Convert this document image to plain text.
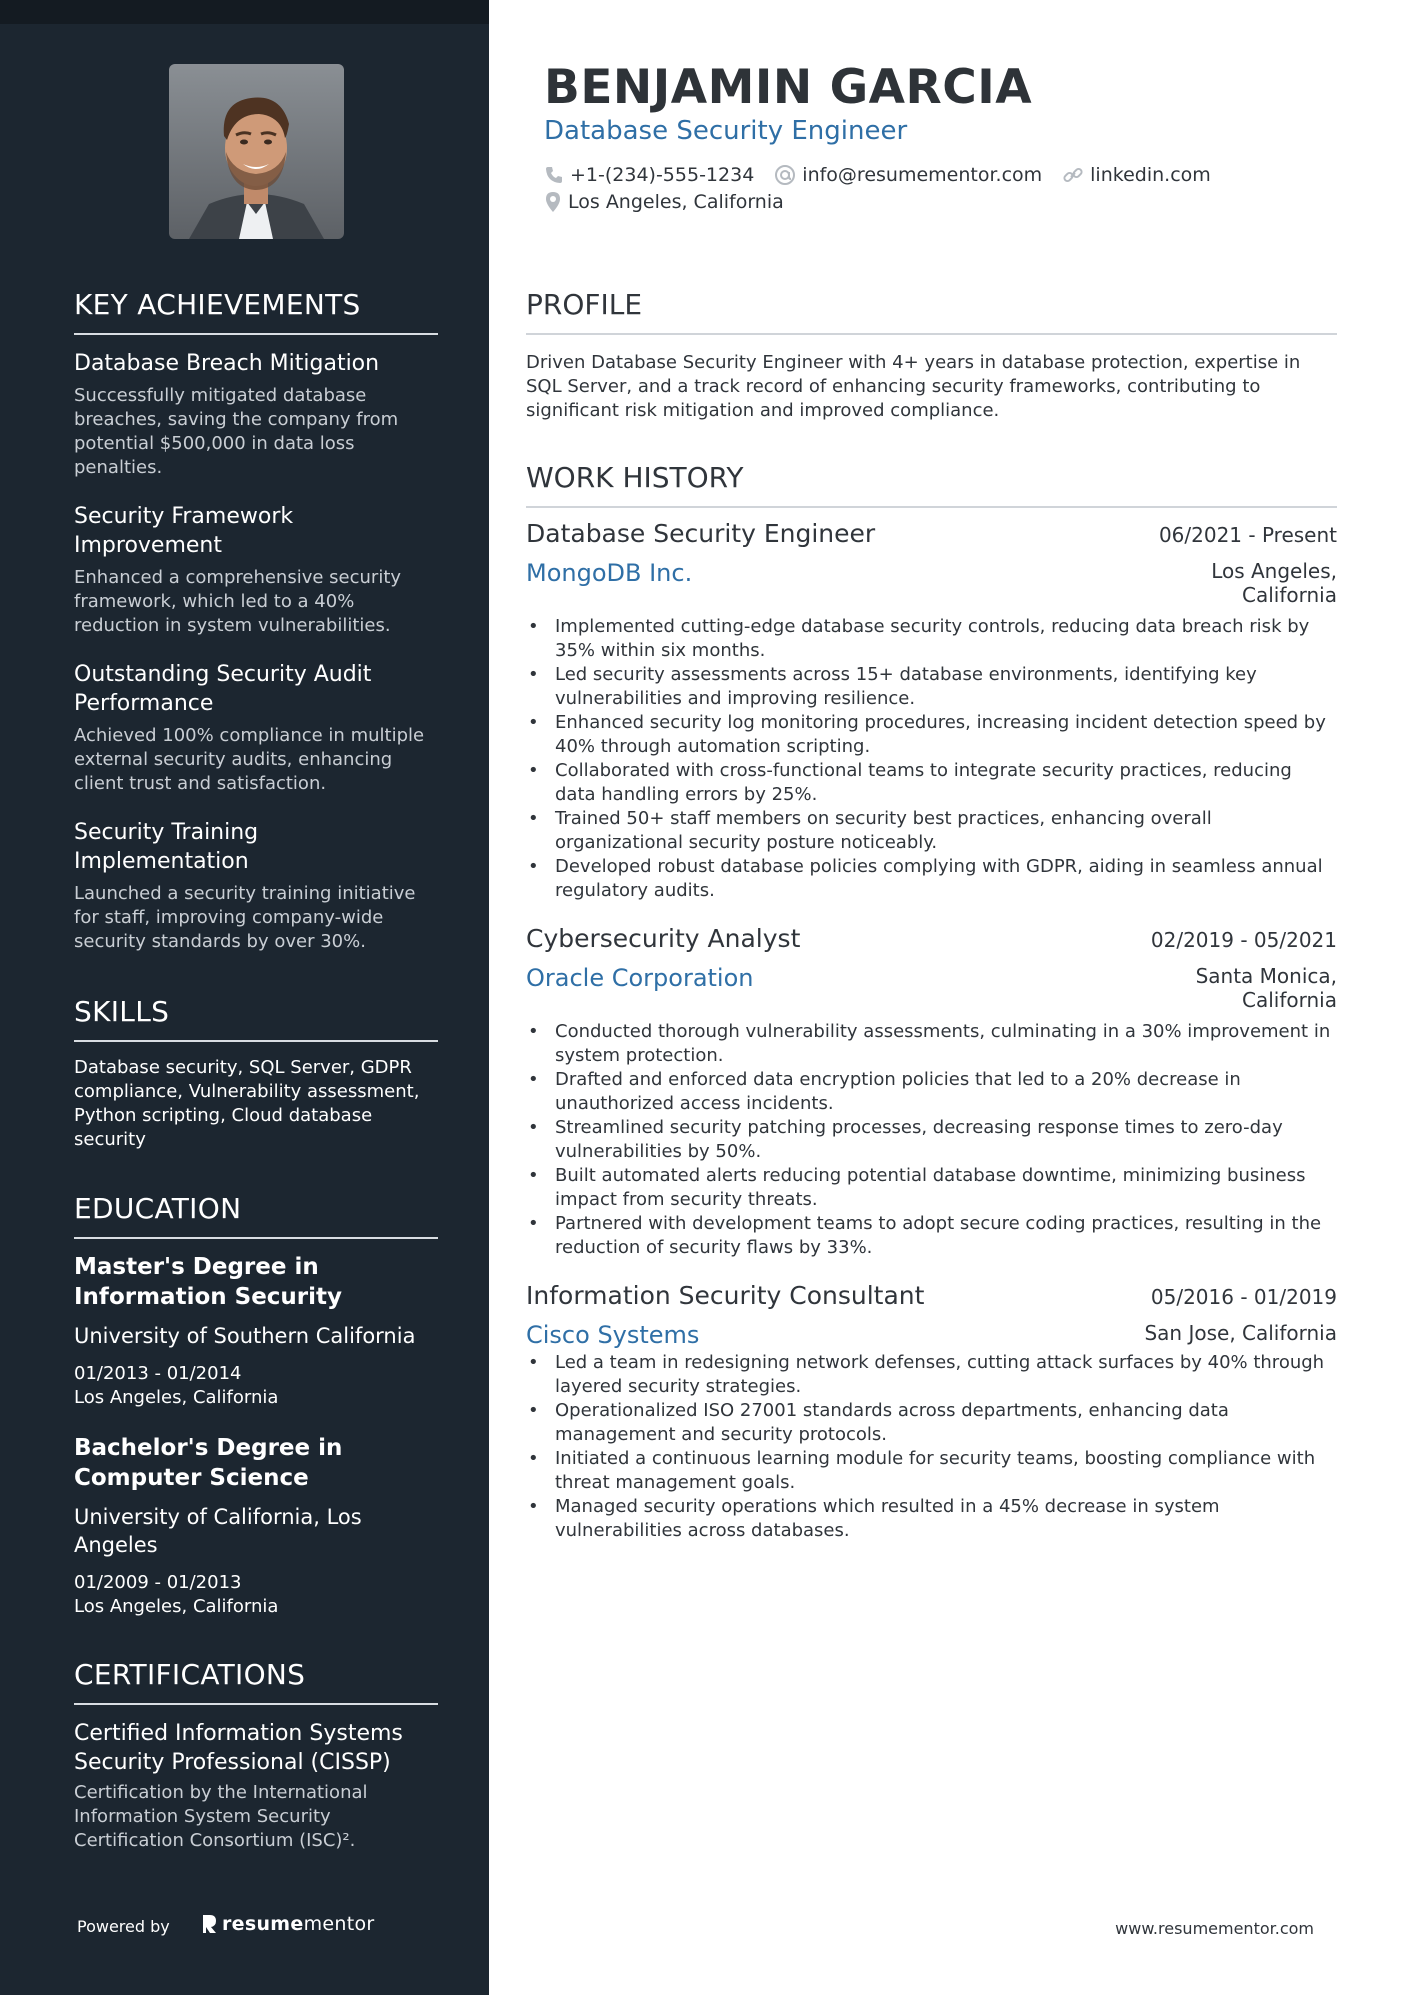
KEY ACHIEVEMENTS

Database Breach Mitigation

Successfully mitigated database breaches, saving the company from potential $500,000 in data loss penalties.

Security Framework Improvement

Enhanced a comprehensive security framework, which led to a 40% reduction in system vulnerabilities.

Outstanding Security Audit Performance

Achieved 100% compliance in multiple external security audits, enhancing client trust and satisfaction.

Security Training Implementation

Launched a security training initiative for staff, improving company-wide security standards by over 30%.

SKILLS

Database security, SQL Server, GDPR compliance, Vulnerability assessment, Python scripting, Cloud database security

EDUCATION

Master's Degree in Information Security

University of Southern California

01/2013 - 01/2014

Los Angeles, California

Bachelor's Degree in Computer Science

University of California, Los Angeles

01/2009 - 01/2013

Los Angeles, California

CERTIFICATIONS

Certified Information Systems Security Professional (CISSP)

Certification by the International Information System Security Certification Consortium (ISC)².

Powered by	resume mentor
BENJAMIN GARCIA

Database Security Engineer

+1-(234)-555-1234	info@resumementor.com	linkedin.com
Los Angeles, California
PROFILE

Driven Database Security Engineer with 4+ years in database protection, expertise in SQL Server, and a track record of enhancing security frameworks, contributing to significant risk mitigation and improved compliance.

WORK HISTORY
Database Security Engineer	06/2021 - Present
MongoDB Inc.	Los Angeles, California
• Implemented cutting-edge database security controls, reducing data breach risk by 35% within six months.
• Led security assessments across 15+ database environments, identifying key vulnerabilities and improving resilience.
• Enhanced security log monitoring procedures, increasing incident detection speed by 40% through automation scripting.
• Collaborated with cross-functional teams to integrate security practices, reducing data handling errors by 25%.
• Trained 50+ staff members on security best practices, enhancing overall organizational security posture noticeably.
• Developed robust database policies complying with GDPR, aiding in seamless annual regulatory audits.
Cybersecurity Analyst	02/2019 - 05/2021
Oracle Corporation	Santa Monica, California
• Conducted thorough vulnerability assessments, culminating in a 30% improvement in system protection.
• Drafted and enforced data encryption policies that led to a 20% decrease in unauthorized access incidents.
• Streamlined security patching processes, decreasing response times to zero-day vulnerabilities by 50%.
• Built automated alerts reducing potential database downtime, minimizing business impact from security threats.
• Partnered with development teams to adopt secure coding practices, resulting in the reduction of security flaws by 33%.
Information Security Consultant	05/2016 - 01/2019
Cisco Systems	San Jose, California
• Led a team in redesigning network defenses, cutting attack surfaces by 40% through layered security strategies.
• Operationalized ISO 27001 standards across departments, enhancing data management and security protocols.
• Initiated a continuous learning module for security teams, boosting compliance with threat management goals.
• Managed security operations which resulted in a 45% decrease in system vulnerabilities across databases.
www.resumementor.com
